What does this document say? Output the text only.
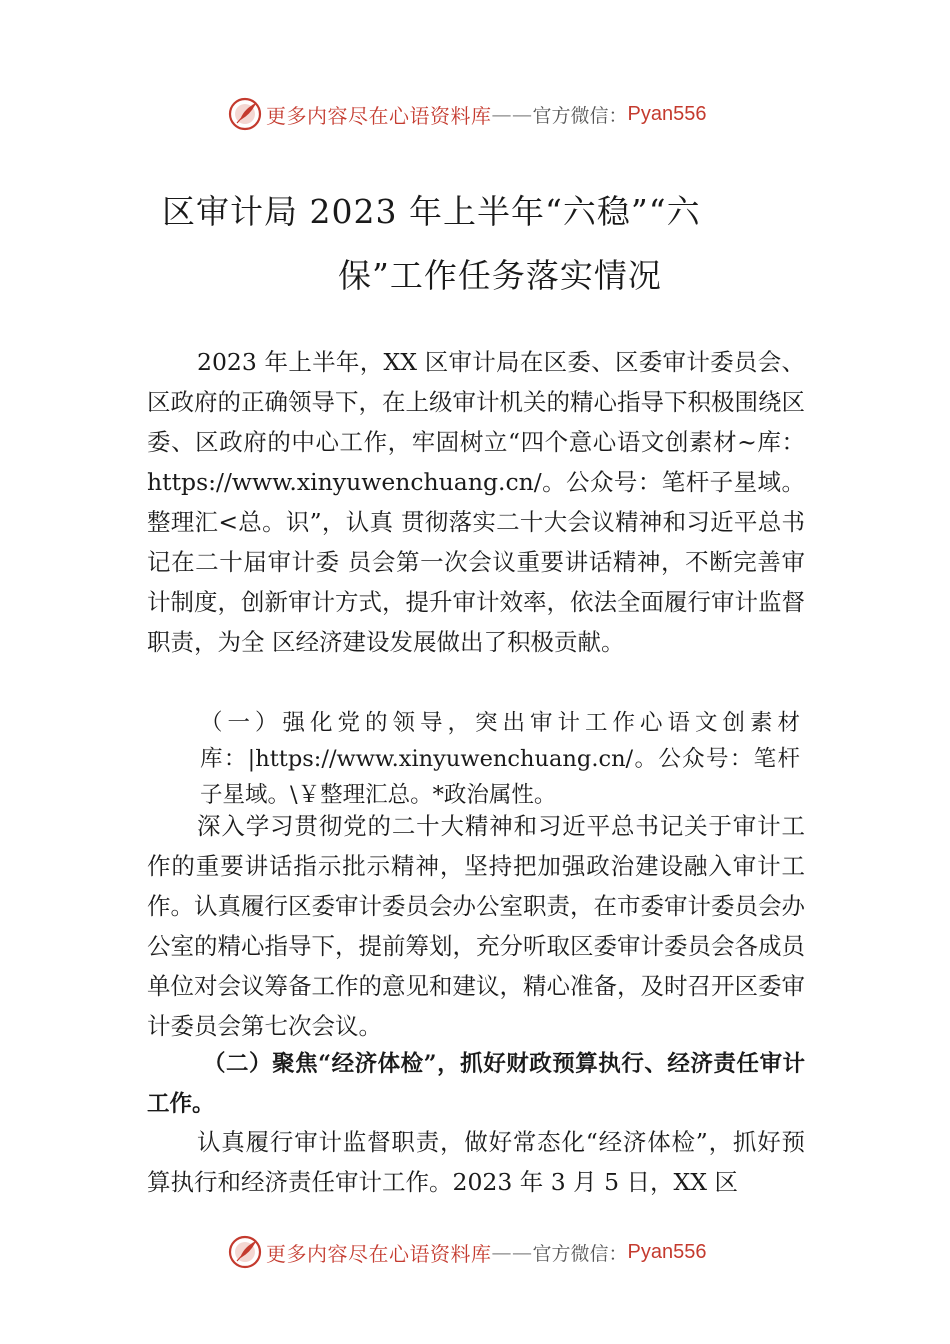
更多内容尽在心语资料库 —— 官方微信： Pyan556
区审计局 2023 年上半年“六稳”“六
保”工作任务落实情况

2023 年上半年，XX 区审计局在区委、区委审计委员会、区政府的正确领导下，在上级审计机关的精心指导下积极围绕区委、区政府的中心工作，牢固树立“四个意心语文创素材~库：https://www.xinyuwenchuang.cn/。公众号：笔杆子星域。整理汇<总。识”，认真 贯彻落实二十大会议精神和习近平总书记在二十届审计委 员会第一次会议重要讲话精神，不断完善审计制度，创新审计方式，提升审计效率，依法全面履行审计监督职责，为全 区经济建设发展做出了积极贡献。

（一）强化党的领导，突出审计工作心语文创素材库：|https://www.xinyuwenchuang.cn/。公众号：笔杆子星域。\￥整理汇总。*政治属性。

深入学习贯彻党的二十大精神和习近平总书记关于审计工作的重要讲话指示批示精神，坚持把加强政治建设融入审计工作。认真履行区委审计委员会办公室职责，在市委审计委员会办公室的精心指导下，提前筹划，充分听取区委审计委员会各成员单位对会议筹备工作的意见和建议，精心准备，及时召开区委审计委员会第七次会议。

（二）聚焦“经济体检”，抓好财政预算执行、经济责任审计工作。

认真履行审计监督职责，做好常态化“经济体检”，抓好预算执行和经济责任审计工作。2023 年 3 月 5 日，XX 区

更多内容尽在心语资料库 —— 官方微信： Pyan556
